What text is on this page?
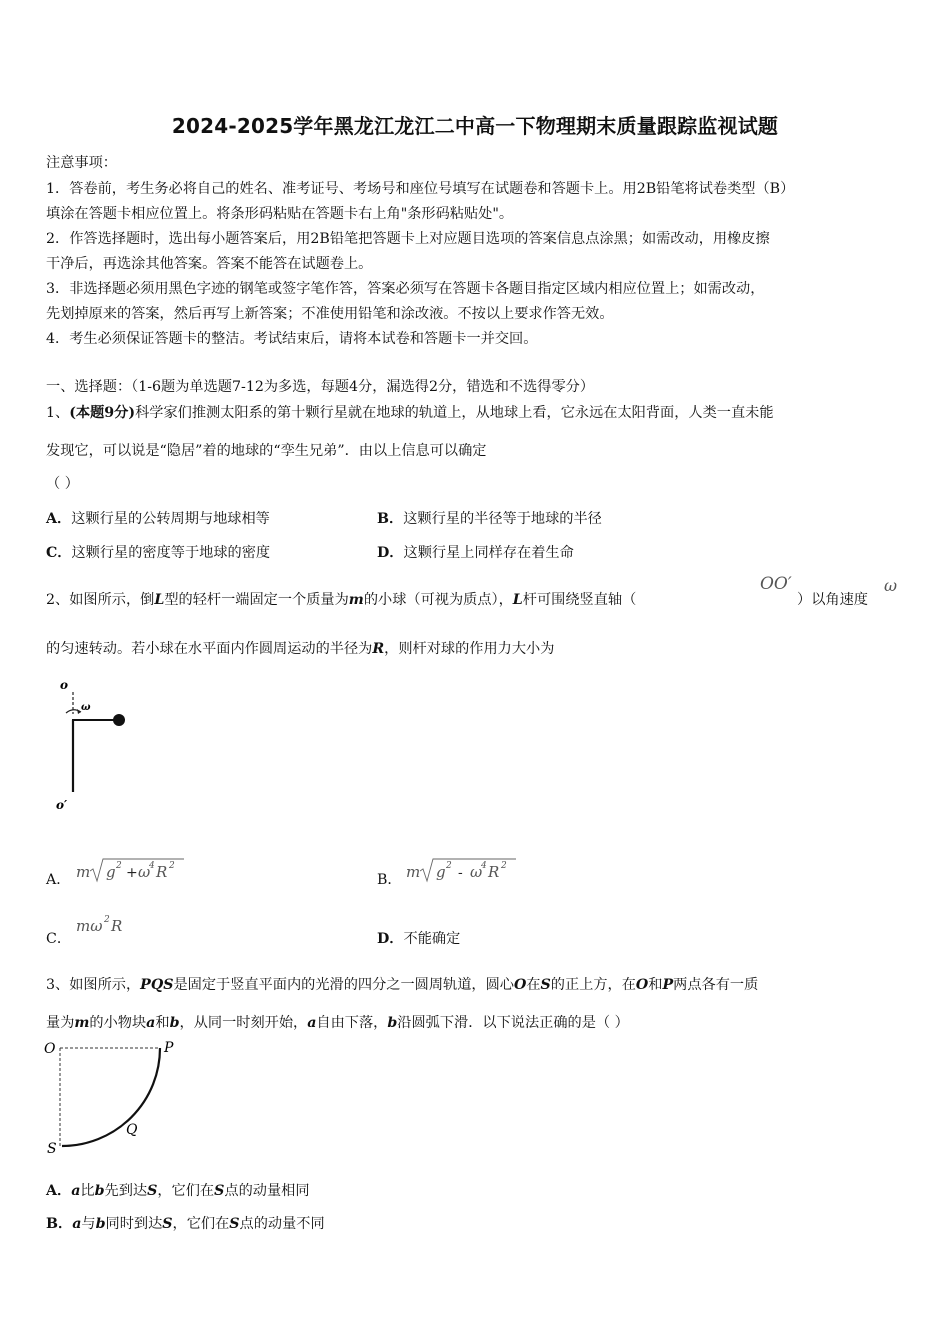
2024-2025学年黑龙江龙江二中高一下物理期末质量跟踪监视试题
注意事项：
1．答卷前，考生务必将自己的姓名、准考证号、考场号和座位号填写在试题卷和答题卡上。用2B铅笔将试卷类型（B）
填涂在答题卡相应位置上。将条形码粘贴在答题卡右上角"条形码粘贴处"。
2．作答选择题时，选出每小题答案后，用2B铅笔把答题卡上对应题目选项的答案信息点涂黑；如需改动，用橡皮擦
干净后，再选涂其他答案。答案不能答在试题卷上。
3．非选择题必须用黑色字迹的钢笔或签字笔作答，答案必须写在答题卡各题目指定区域内相应位置上；如需改动，
先划掉原来的答案，然后再写上新答案；不准使用铅笔和涂改液。不按以上要求作答无效。
4．考生必须保证答题卡的整洁。考试结束后，请将本试卷和答题卡一并交回。
一、选择题：（1-6题为单选题7-12为多选，每题4分，漏选得2分，错选和不选得零分）
1、(本题9分)科学家们推测太阳系的第十颗行星就在地球的轨道上，从地球上看，它永远在太阳背面，人类一直未能
发现它，可以说是“隐居”着的地球的“孪生兄弟”．由以上信息可以确定
（ ）
A．这颗行星的公转周期与地球相等	B．这颗行星的半径等于地球的半径
C．这颗行星的密度等于地球的密度	D．这颗行星上同样存在着生命
2、如图所示，倒L型的轻杆一端固定一个质量为m的小球（可视为质点），L杆可围绕竖直轴（
OO′
）以角速度
ω
的匀速转动。若小球在水平面内作圆周运动的半径为R，则杆对球的作用力大小为
o
ω
o′
A． m g 2 + ω
4 R 2
B． m g 2 - ω
4 R 2
C．
mω 2 R
D．不能确定
3、如图所示，PQS是固定于竖直平面内的光滑的四分之一圆周轨道，圆心O在S的正上方，在O和P两点各有一质
量为m的小物块a和b，从同一时刻开始，a自由下落，b沿圆弧下滑．以下说法正确的是（ ）
O	P
Q
S
A．a比b先到达S，它们在S点的动量相同
B．a与b同时到达S，它们在S点的动量不同
